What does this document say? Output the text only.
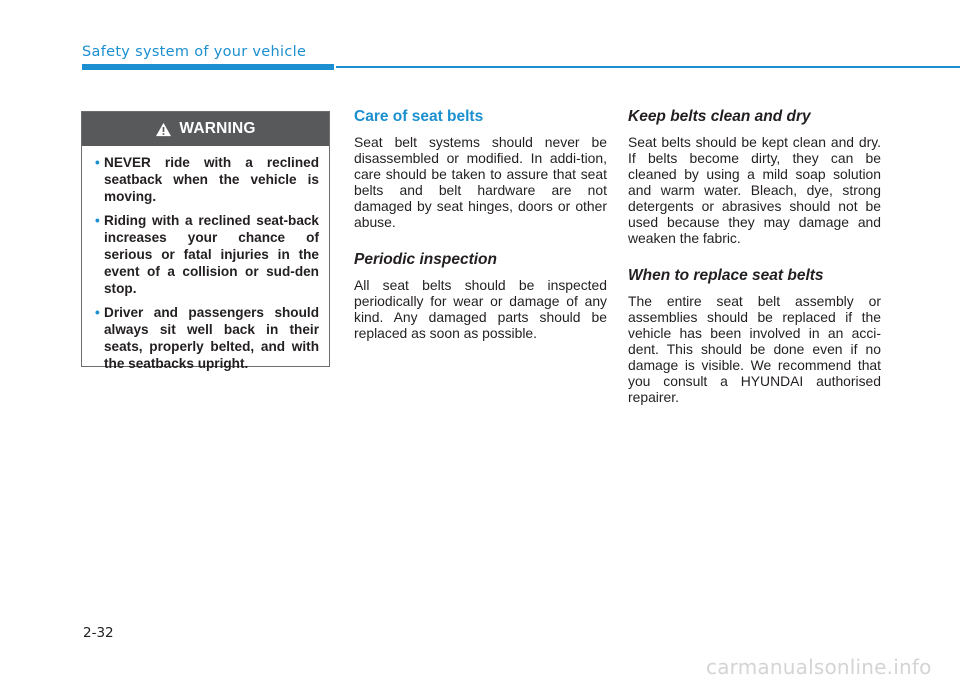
Safety system of your vehicle
WARNING
• NEVER ride with a reclined seatback when the vehicle is moving.
• Riding with a reclined seat-back increases your chance of serious or fatal injuries in the event of a collision or sud-den stop.
• Driver and passengers should always sit well back in their seats, properly belted, and with the seatbacks upright.
Care of seat belts

Seat belt systems should never be disassembled or modified. In addi-tion, care should be taken to assure that seat belts and belt hardware are not damaged by seat hinges, doors or other abuse.

Periodic inspection

All seat belts should be inspected periodically for wear or damage of any kind. Any damaged parts should be replaced as soon as possible.

Keep belts clean and dry

Seat belts should be kept clean and dry. If belts become dirty, they can be cleaned by using a mild soap solution and warm water. Bleach, dye, strong detergents or abrasives should not be used because they may damage and weaken the fabric.

When to replace seat belts

The entire seat belt assembly or assemblies should be replaced if the vehicle has been involved in an acci-dent. This should be done even if no damage is visible. We recommend that you consult a HYUNDAI authorised repairer.

2-32
carmanualsonline.info
